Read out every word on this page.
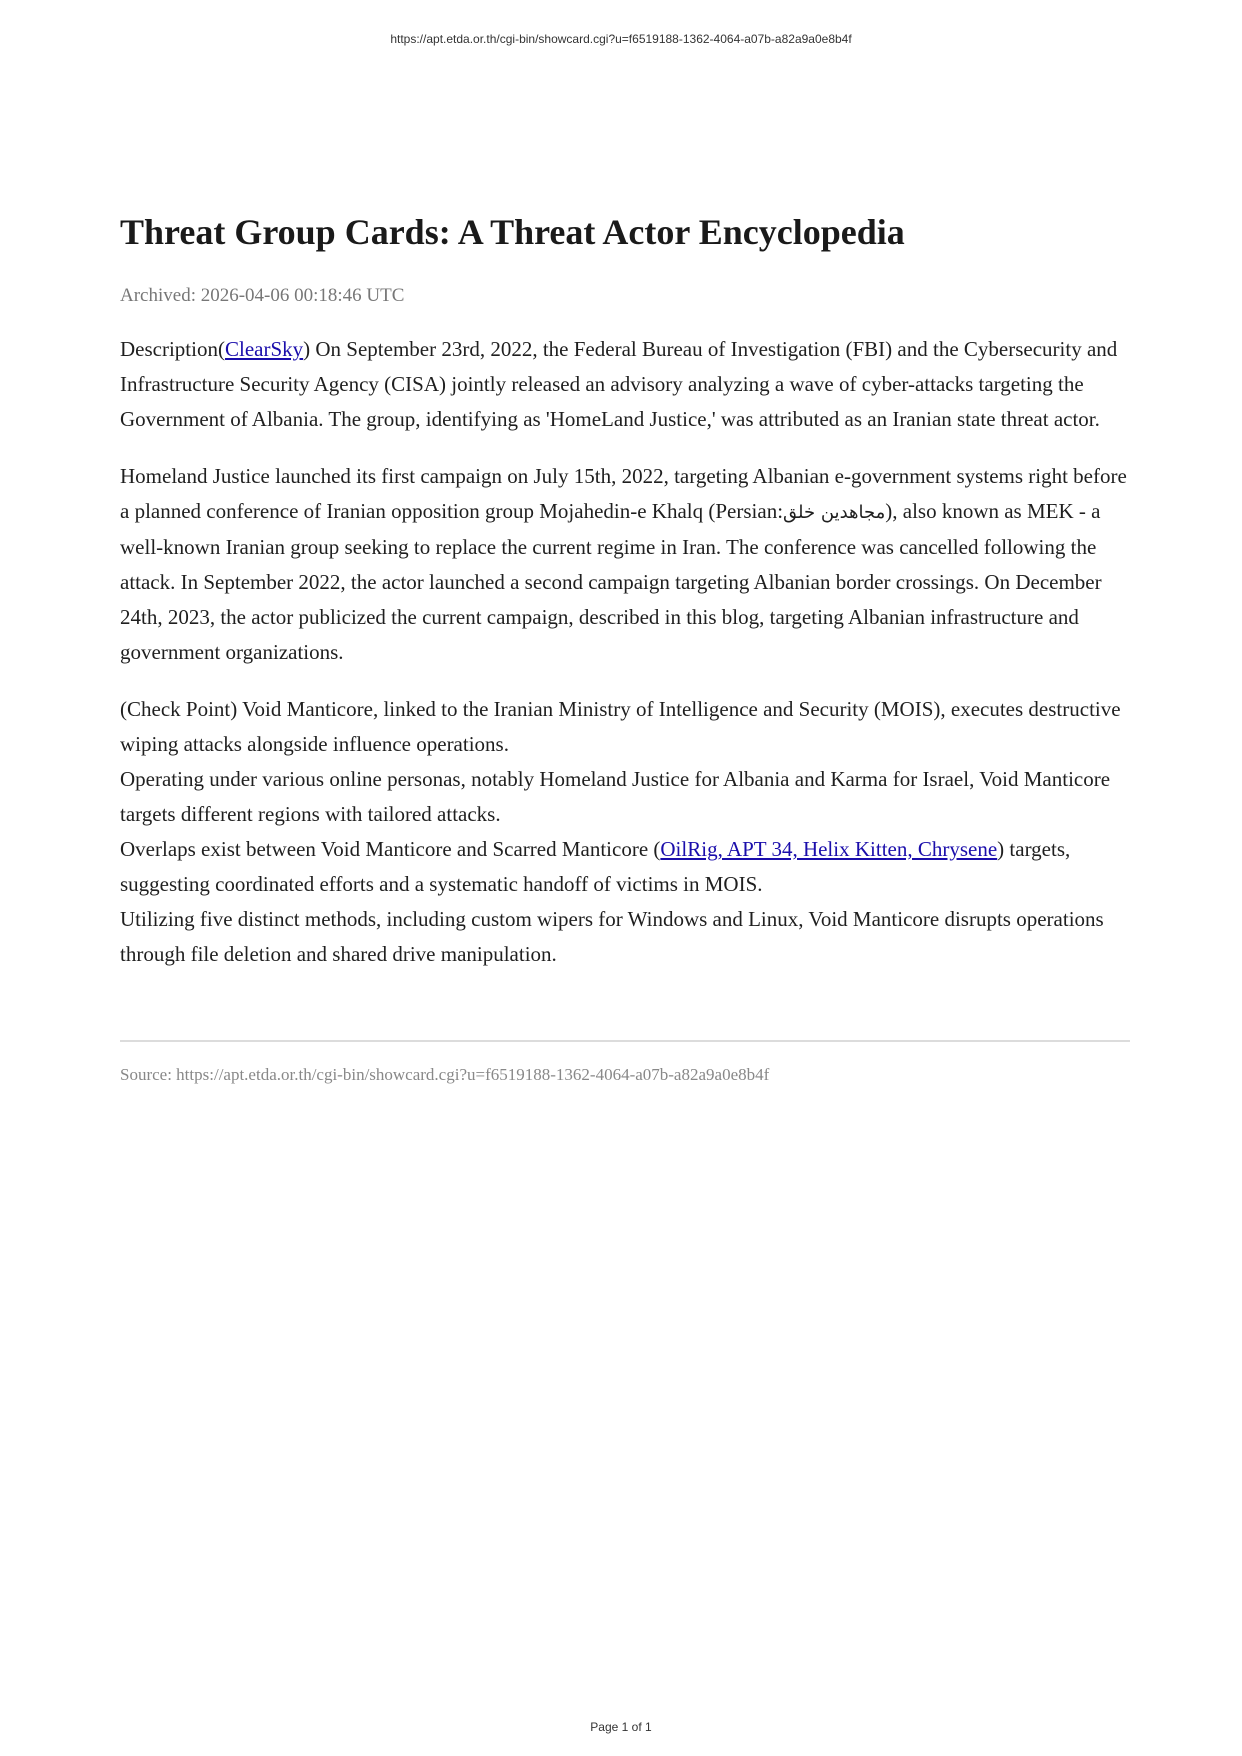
https://apt.etda.or.th/cgi-bin/showcard.cgi?u=f6519188-1362-4064-a07b-a82a9a0e8b4f
Threat Group Cards: A Threat Actor Encyclopedia
Archived: 2026-04-06 00:18:46 UTC

Description(ClearSky) On September 23rd, 2022, the Federal Bureau of Investigation (FBI) and the Cybersecurity and Infrastructure Security Agency (CISA) jointly released an advisory analyzing a wave of cyber-attacks targeting the Government of Albania. The group, identifying as 'HomeLand Justice,' was attributed as an Iranian state threat actor.

Homeland Justice launched its first campaign on July 15th, 2022, targeting Albanian e-government systems right before a planned conference of Iranian opposition group Mojahedin-e Khalq (Persian:مجاهدین خلق), also known as MEK - a well-known Iranian group seeking to replace the current regime in Iran. The conference was cancelled following the attack. In September 2022, the actor launched a second campaign targeting Albanian border crossings. On December 24th, 2023, the actor publicized the current campaign, described in this blog, targeting Albanian infrastructure and government organizations.

(Check Point) Void Manticore, linked to the Iranian Ministry of Intelligence and Security (MOIS), executes destructive wiping attacks alongside influence operations.

Operating under various online personas, notably Homeland Justice for Albania and Karma for Israel, Void Manticore targets different regions with tailored attacks.

Overlaps exist between Void Manticore and Scarred Manticore (OilRig, APT 34, Helix Kitten, Chrysene) targets, suggesting coordinated efforts and a systematic handoff of victims in MOIS.

Utilizing five distinct methods, including custom wipers for Windows and Linux, Void Manticore disrupts operations through file deletion and shared drive manipulation.

Source: https://apt.etda.or.th/cgi-bin/showcard.cgi?u=f6519188-1362-4064-a07b-a82a9a0e8b4f
Page 1 of 1
